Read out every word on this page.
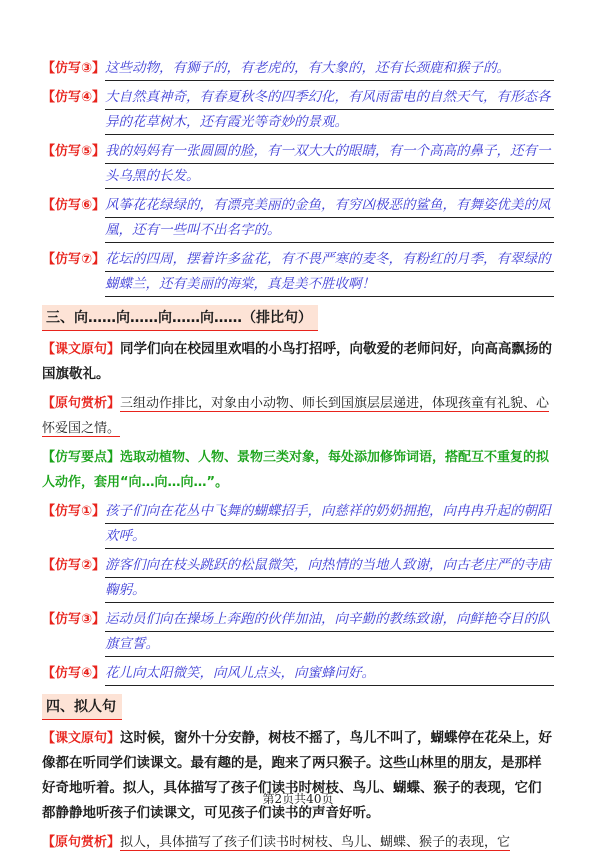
【仿写③】 这些动物，有狮子的，有老虎的，有大象的，还有长颈鹿和猴子的。
【仿写④】 大自然真神奇，有春夏秋冬的四季幻化，有风雨雷电的自然天气，有形态各异的花草树木，还有霞光等奇妙的景观。
【仿写⑤】 我的妈妈有一张圆圆的脸，有一双大大的眼睛，有一个高高的鼻子，还有一头乌黑的长发。
【仿写⑥】 风筝花花绿绿的，有漂亮美丽的金鱼，有穷凶极恶的鲨鱼，有舞姿优美的凤凰，还有一些叫不出名字的。
【仿写⑦】 花坛的四周，摆着许多盆花，有不畏严寒的麦冬，有粉红的月季，有翠绿的蝴蝶兰，还有美丽的海棠，真是美不胜收啊！
三、向……向……向……向……（排比句）
【课文原句】同学们向在校园里欢唱的小鸟打招呼，向敬爱的老师问好，向高高飘扬的国旗敬礼。
【原句赏析】三组动作排比，对象由小动物、师长到国旗层层递进，体现孩童有礼貌、心怀爱国之情。
【仿写要点】选取动植物、人物、景物三类对象，每处添加修饰词语，搭配互不重复的拟人动作，套用“向…向…向…”。
【仿写①】 孩子们向在花丛中飞舞的蝴蝶招手，向慈祥的奶奶拥抱，向冉冉升起的朝阳欢呼。
【仿写②】 游客们向在枝头跳跃的松鼠微笑，向热情的当地人致谢，向古老庄严的寺庙鞠躬。
【仿写③】 运动员们向在操场上奔跑的伙伴加油，向辛勤的教练致谢，向鲜艳夺目的队旗宣誓。
【仿写④】 花儿向太阳微笑，向风儿点头，向蜜蜂问好。
四、拟人句
【课文原句】这时候，窗外十分安静，树枝不摇了，鸟儿不叫了，蝴蝶停在花朵上，好像都在听同学们读课文。最有趣的是，跑来了两只猴子。这些山林里的朋友，是那样好奇地听着。拟人，具体描写了孩子们读书时树枝、鸟儿、蝴蝶、猴子的表现，它们都静静地听孩子们读课文，可见孩子们读书的声音好听。
【原句赏析】拟人，具体描写了孩子们读书时树枝、鸟儿、蝴蝶、猴子的表现，它
第2页共40页
